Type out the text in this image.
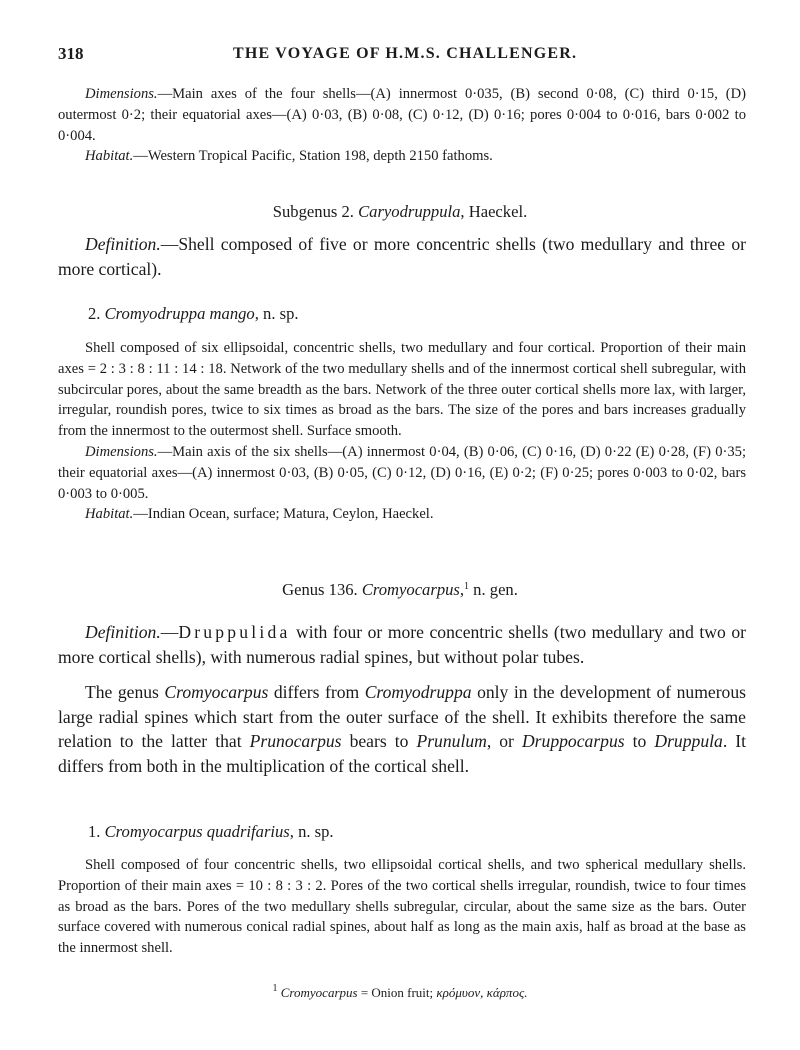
318	THE VOYAGE OF H.M.S. CHALLENGER.

Dimensions.—Main axes of the four shells—(A) innermost 0·035, (B) second 0·08, (C) third 0·15, (D) outermost 0·2; their equatorial axes—(A) 0·03, (B) 0·08, (C) 0·12, (D) 0·16; pores 0·004 to 0·016, bars 0·002 to 0·004.

Habitat.—Western Tropical Pacific, Station 198, depth 2150 fathoms.

Subgenus 2. Caryodruppula, Haeckel.

Definition.—Shell composed of five or more concentric shells (two medullary and three or more cortical).

2. Cromyodruppa mango, n. sp.

Shell composed of six ellipsoidal, concentric shells, two medullary and four cortical. Proportion of their main axes = 2 : 3 : 8 : 11 : 14 : 18. Network of the two medullary shells and of the innermost cortical shell subregular, with subcircular pores, about the same breadth as the bars. Network of the three outer cortical shells more lax, with larger, irregular, roundish pores, twice to six times as broad as the bars. The size of the pores and bars increases gradually from the innermost to the outermost shell. Surface smooth.

Dimensions.—Main axis of the six shells—(A) innermost 0·04, (B) 0·06, (C) 0·16, (D) 0·22 (E) 0·28, (F) 0·35; their equatorial axes—(A) innermost 0·03, (B) 0·05, (C) 0·12, (D) 0·16, (E) 0·2; (F) 0·25; pores 0·003 to 0·02, bars 0·003 to 0·005.

Habitat.—Indian Ocean, surface; Matura, Ceylon, Haeckel.

Genus 136. Cromyocarpus,$^1$ n. gen.

Definition.—Druppulida with four or more concentric shells (two medullary and two or more cortical shells), with numerous radial spines, but without polar tubes.

The genus Cromyocarpus differs from Cromyodruppa only in the development of numerous large radial spines which start from the outer surface of the shell. It exhibits therefore the same relation to the latter that Prunocarpus bears to Prunulum, or Druppocarpus to Druppula. It differs from both in the multiplication of the cortical shell.

1. Cromyocarpus quadrifarius, n. sp.

Shell composed of four concentric shells, two ellipsoidal cortical shells, and two spherical medullary shells. Proportion of their main axes = 10 : 8 : 3 : 2. Pores of the two cortical shells irregular, roundish, twice to four times as broad as the bars. Pores of the two medullary shells subregular, circular, about the same size as the bars. Outer surface covered with numerous conical radial spines, about half as long as the main axis, half as broad at the base as the innermost shell.

$^1$ Cromyocarpus = Onion fruit; κρόμυον, κάρπος.
